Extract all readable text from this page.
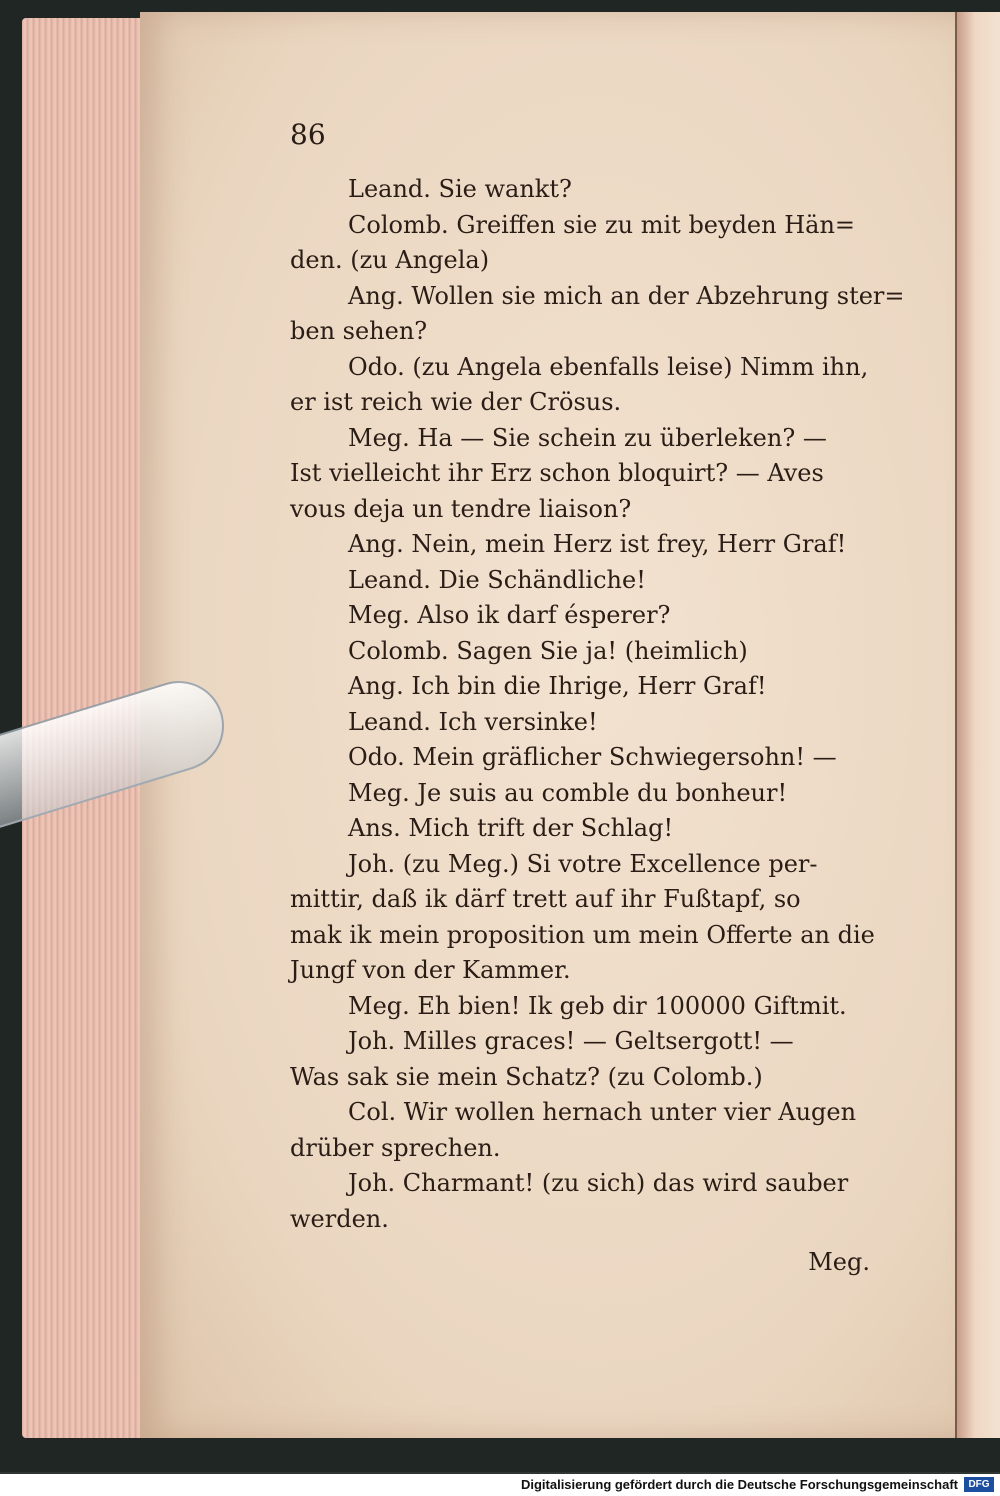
86
Leand. Sie wankt?
Colomb. Greiffen sie zu mit beyden Hän=
den. (zu Angela)
Ang. Wollen sie mich an der Abzehrung ster=
ben sehen?
Odo. (zu Angela ebenfalls leise) Nimm ihn,
er ist reich wie der Crösus.
Meg. Ha — Sie schein zu überleken? —
Ist vielleicht ihr Erz schon bloquirt? — Aves
vous deja un tendre liaison?
Ang. Nein, mein Herz ist frey, Herr Graf!
Leand. Die Schändliche!
Meg. Also ik darf ésperer?
Colomb. Sagen Sie ja! (heimlich)
Ang. Ich bin die Ihrige, Herr Graf!
Leand. Ich versinke!
Odo. Mein gräflicher Schwiegersohn! —
Meg. Je suis au comble du bonheur!
Ans. Mich trift der Schlag!
Joh. (zu Meg.) Si votre Excellence per-
mittir, daß ik därf trett auf ihr Fußtapf, so
mak ik mein proposition um mein Offerte an die
Jungf von der Kammer.
Meg. Eh bien! Ik geb dir 100000 Giftmit.
Joh. Milles graces! — Geltsergott! —
Was sak sie mein Schatz? (zu Colomb.)
Col. Wir wollen hernach unter vier Augen
drüber sprechen.
Joh. Charmant! (zu sich) das wird sauber
werden.
Meg.
Digitalisierung gefördert durch die Deutsche Forschungsgemeinschaft	DFG
